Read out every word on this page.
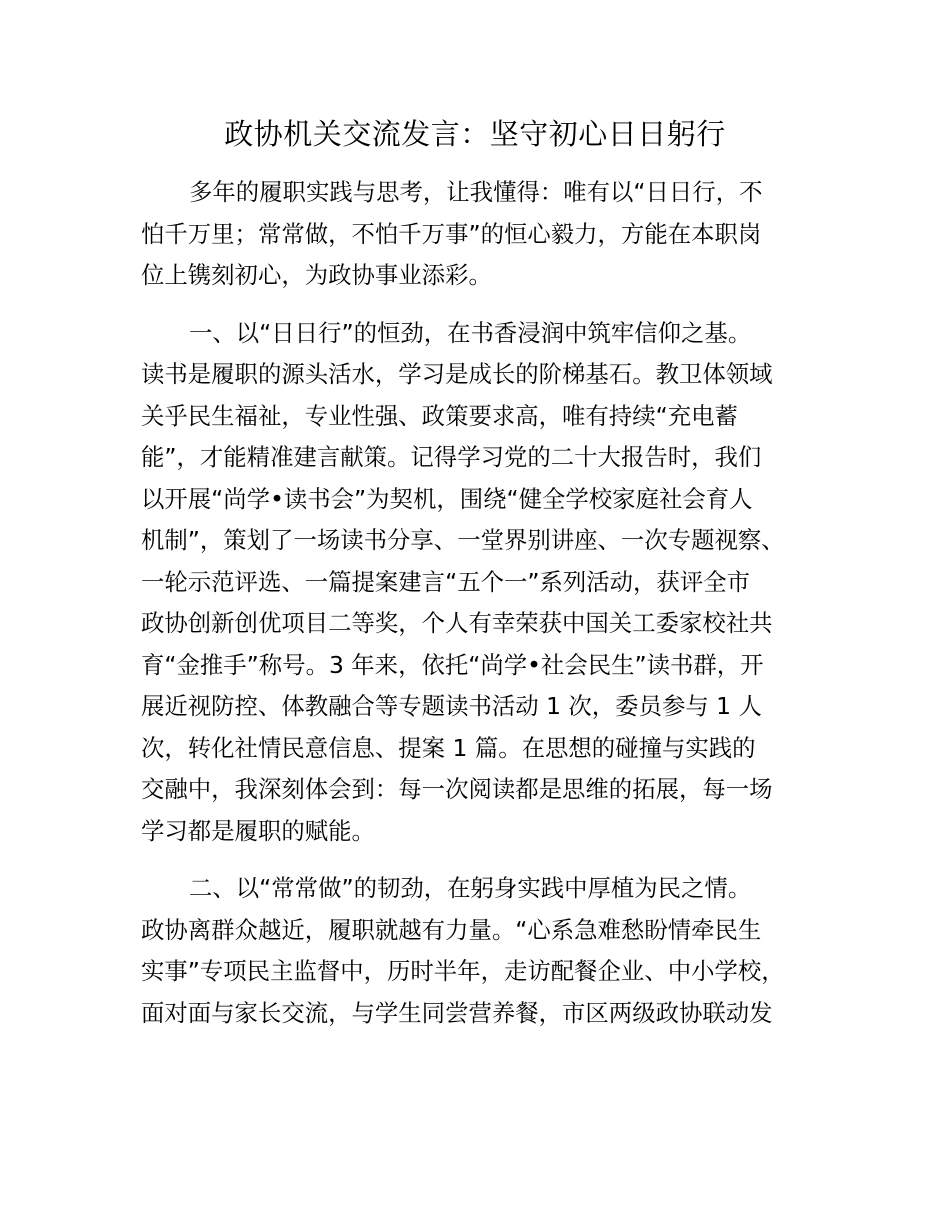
政协机关交流发言：坚守初心日日躬行

多年的履职实践与思考，让我懂得：唯有以“日日行，不
怕千万里；常常做，不怕千万事”的恒心毅力，方能在本职岗
位上镌刻初心，为政协事业添彩。

一、以“日日行”的恒劲，在书香浸润中筑牢信仰之基。
读书是履职的源头活水，学习是成长的阶梯基石。教卫体领域
关乎民生福祉，专业性强、政策要求高，唯有持续“充电蓄
能”，才能精准建言献策。记得学习党的二十大报告时，我们
以开展“尚学•读书会”为契机，围绕“健全学校家庭社会育人
机制”，策划了一场读书分享、一堂界别讲座、一次专题视察、
一轮示范评选、一篇提案建言“五个一”系列活动，获评全市
政协创新创优项目二等奖，个人有幸荣获中国关工委家校社共
育“金推手”称号。3 年来，依托“尚学•社会民生”读书群，开
展近视防控、体教融合等专题读书活动 1 次，委员参与 1 人
次，转化社情民意信息、提案 1 篇。在思想的碰撞与实践的
交融中，我深刻体会到：每一次阅读都是思维的拓展，每一场
学习都是履职的赋能。

二、以“常常做”的韧劲，在躬身实践中厚植为民之情。
政协离群众越近，履职就越有力量。“心系急难愁盼情牵民生
实事”专项民主监督中，历时半年，走访配餐企业、中小学校，
面对面与家长交流，与学生同尝营养餐，市区两级政协联动发
